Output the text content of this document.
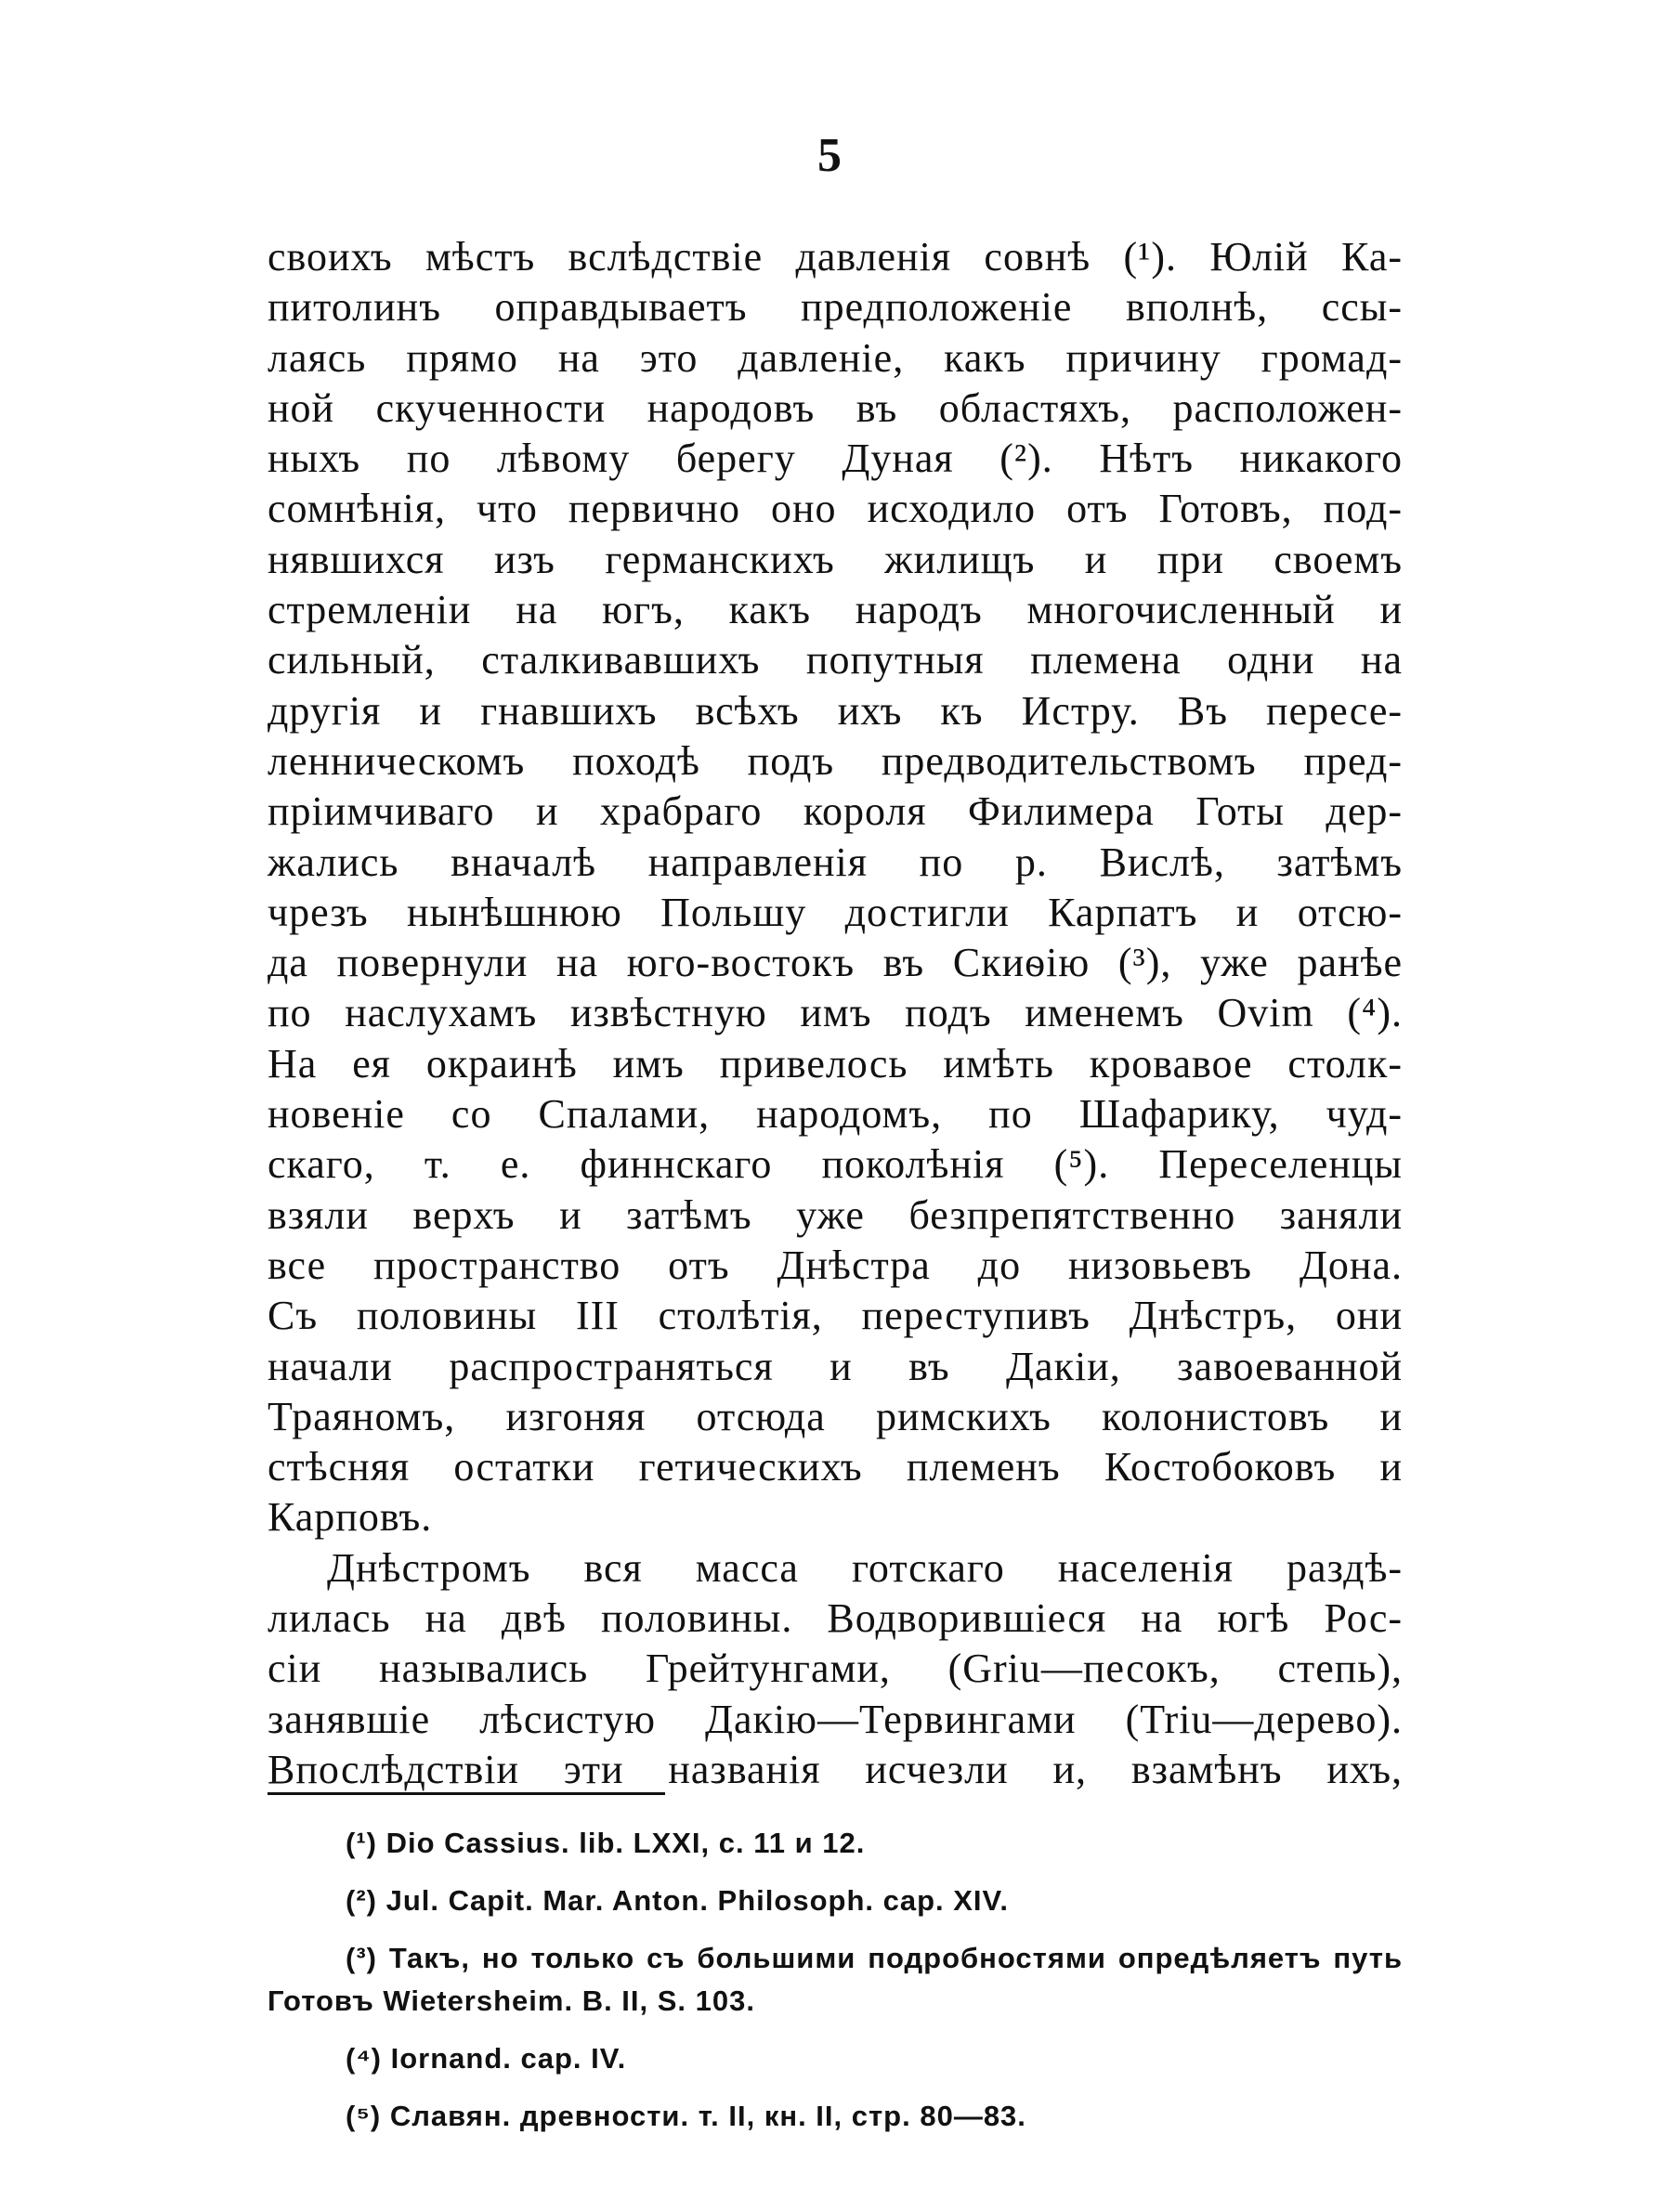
5
своихъ мѣстъ вслѣдствіе давленія совнѣ (¹). Юлій Ка-
питолинъ оправдываетъ предположеніе вполнѣ, ссы-
лаясь прямо на это давленіе, какъ причину громад-
ной скученности народовъ въ областяхъ, расположен-
ныхъ по лѣвому берегу Дуная (²). Нѣтъ никакого
сомнѣнія, что первично оно исходило отъ Готовъ, под-
нявшихся изъ германскихъ жилищъ и при своемъ
стремленіи на югъ, какъ народъ многочисленный и
сильный, сталкивавшихъ попутныя племена одни на
другія и гнавшихъ всѣхъ ихъ къ Истру. Въ пересе-
ленническомъ походѣ подъ предводительствомъ пред-
пріимчиваго и храбраго короля Филимера Готы дер-
жались вначалѣ направленія по р. Вислѣ, затѣмъ
чрезъ нынѣшнюю Польшу достигли Карпатъ и отсю-
да повернули на юго-востокъ въ Скиѳію (³), уже ранѣе
по наслухамъ извѣстную имъ подъ именемъ Ovim (⁴).
На ея окраинѣ имъ привелось имѣть кровавое столк-
новеніе со Спалами, народомъ, по Шафарику, чуд-
скаго, т. е. финнскаго поколѣнія (⁵). Переселенцы
взяли верхъ и затѣмъ уже безпрепятственно заняли
все пространство отъ Днѣстра до низовьевъ Дона.
Съ половины III столѣтія, переступивъ Днѣстръ, они
начали распространяться и въ Дакіи, завоеванной
Траяномъ, изгоняя отсюда римскихъ колонистовъ и
стѣсняя остатки гетическихъ племенъ Костобоковъ и
Карповъ.
Днѣстромъ вся масса готскаго населенія раздѣ-
лилась на двѣ половины. Водворившіеся на югѣ Рос-
сіи назывались Грейтунгами, (Griu—песокъ, степь),
занявшіе лѣсистую Дакію—Тервингами (Triu—дерево).
Впослѣдствіи эти названія исчезли и, взамѣнъ ихъ,
(¹) Dio Cassius. lib. LXXI, c. 11 и 12.
(²) Jul. Capit. Mar. Anton. Philosoph. cap. XIV.
(³) Такъ, но только съ большими подробностями опредѣляетъ путь
Готовъ Wietersheim. B. II, S. 103.
(⁴) Iornand. cap. IV.
(⁵) Славян. древности. т. II, кн. II, стр. 80—83.
